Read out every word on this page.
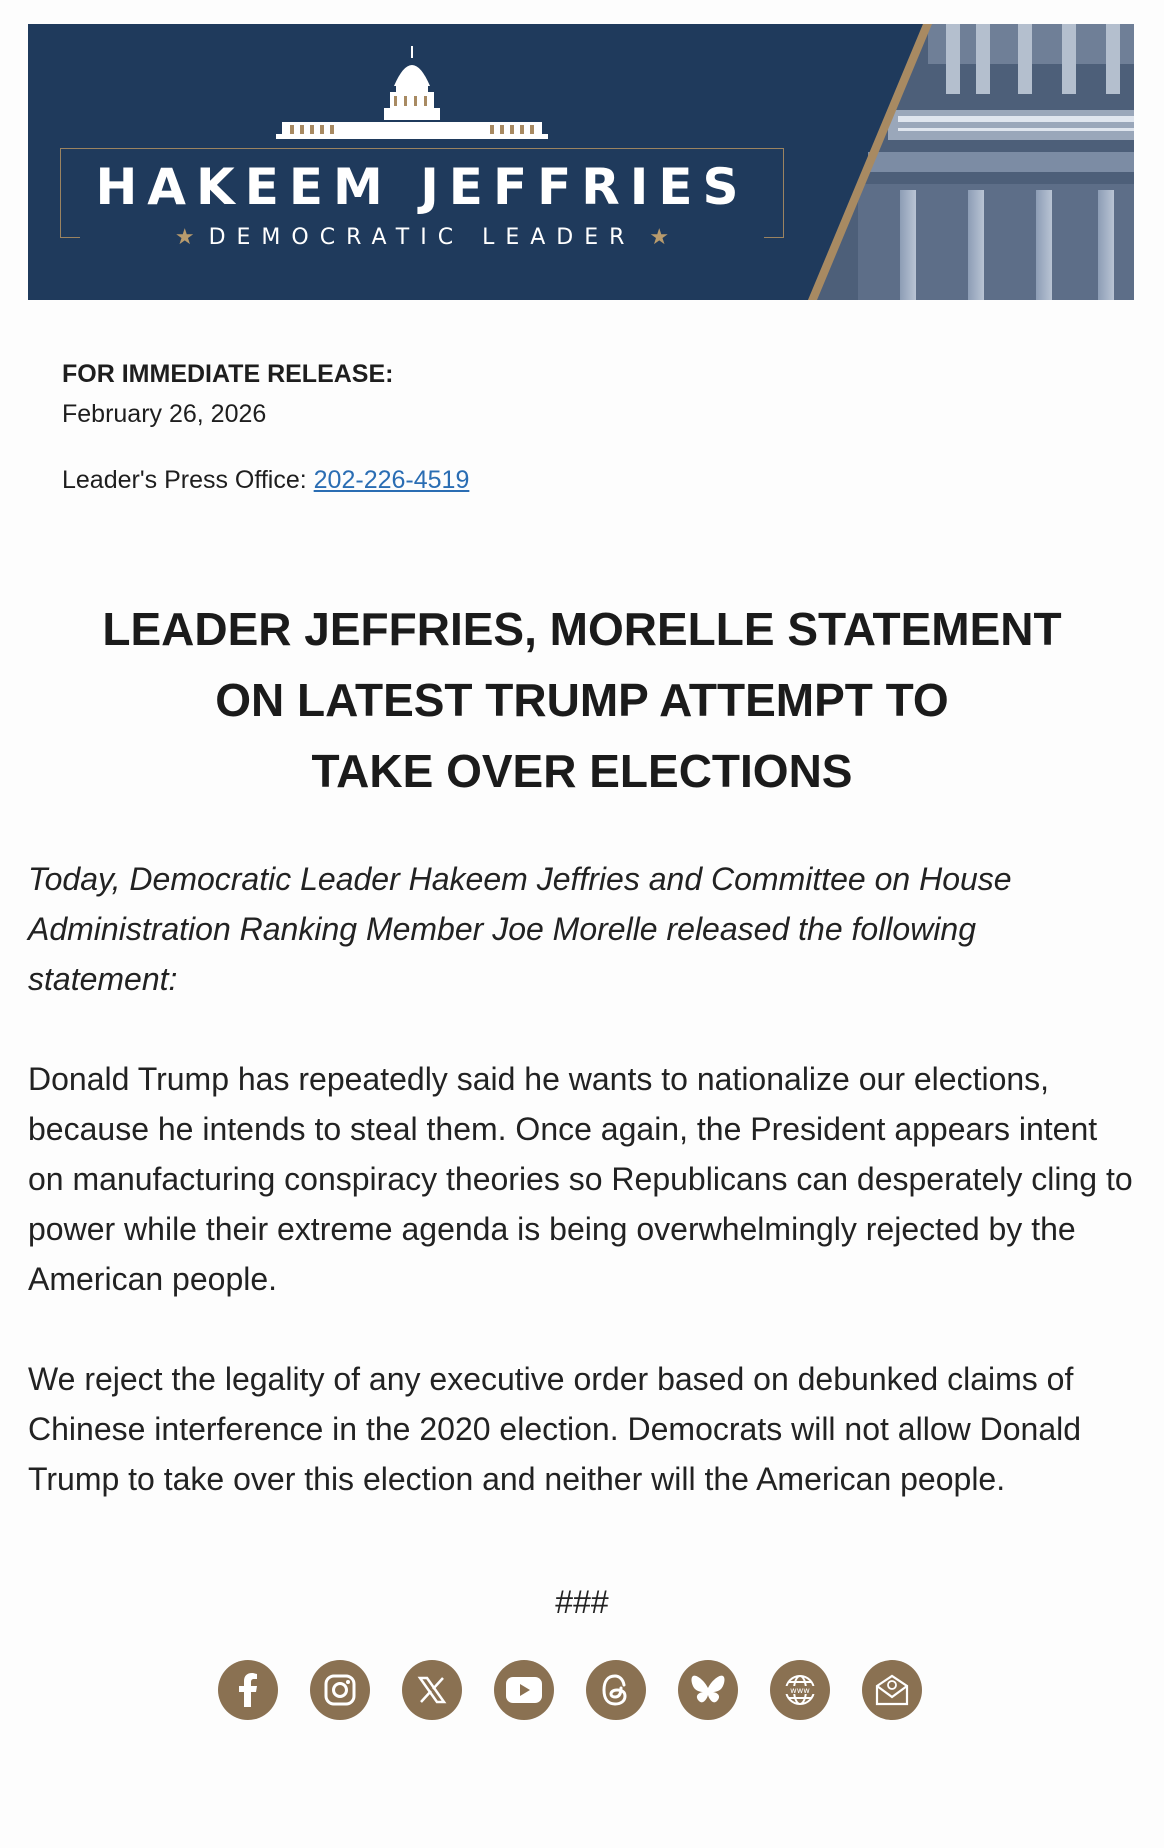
HAKEEM JEFFRIES
★ DEMOCRATIC LEADER ★
FOR IMMEDIATE RELEASE:
February 26, 2026
Leader's Press Office: 202-226-4519
LEADER JEFFRIES, MORELLE STATEMENT
ON LATEST TRUMP ATTEMPT TO
TAKE OVER ELECTIONS
Today, Democratic Leader Hakeem Jeffries and Committee on House Administration Ranking Member Joe Morelle released the following statement:
Donald Trump has repeatedly said he wants to nationalize our elections, because he intends to steal them. Once again, the President appears intent on manufacturing conspiracy theories so Republicans can desperately cling to power while their extreme agenda is being overwhelmingly rejected by the American people.
We reject the legality of any executive order based on debunked claims of Chinese interference in the 2020 election. Democrats will not allow Donald Trump to take over this election and neither will the American people.
###
www
